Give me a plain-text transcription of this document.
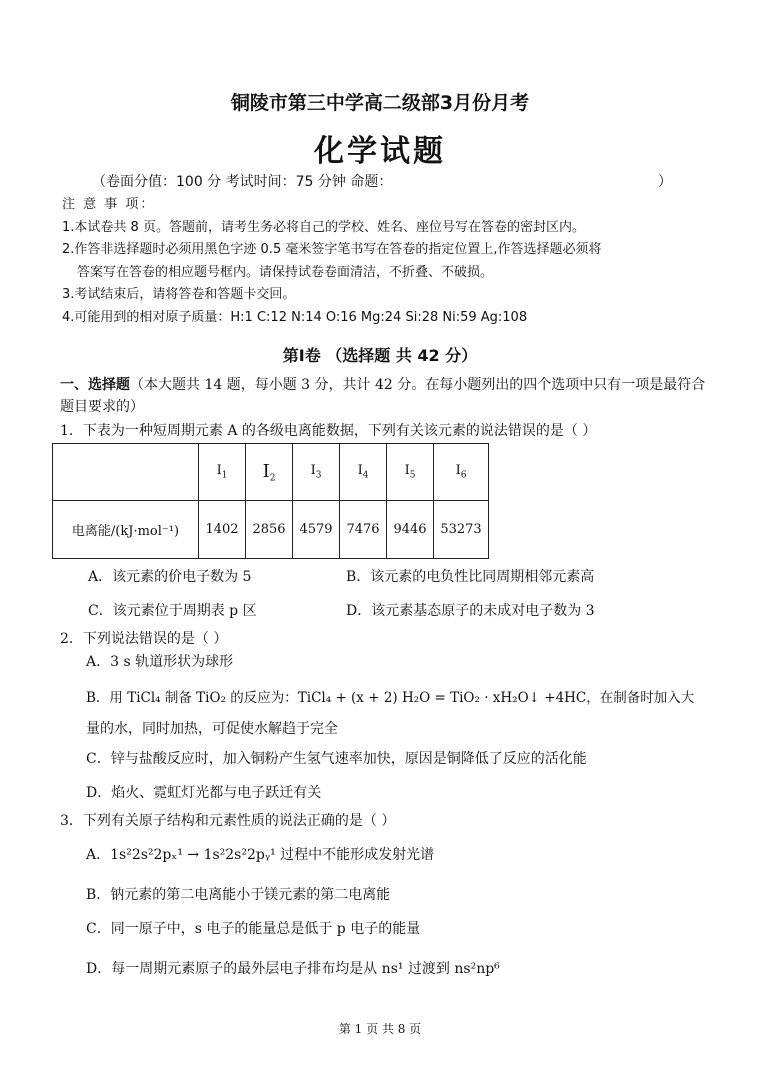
铜陵市第三中学高二级部3月份月考
化学试题
（卷面分值：100 分 考试时间：75 分钟 命题：	）
注 意 事 项：
1.本试卷共 8 页。答题前，请考生务必将自己的学校、姓名、座位号写在答卷的密封区内。
2.作答非选择题时必须用黑色字迹 0.5 毫米签字笔书写在答卷的指定位置上,作答选择题必须将
答案写在答卷的相应题号框内。请保持试卷卷面清洁，不折叠、不破损。
3.考试结束后，请将答卷和答题卡交回。
4.可能用到的相对原子质量：H:1 C:12 N:14 O:16 Mg:24 Si:28 Ni:59 Ag:108
第Ⅰ卷 （选择题 共 42 分）
一、选择题（本大题共 14 题，每小题 3 分，共计 42 分。在每小题列出的四个选项中只有一项是最符合题目要求的）
1．下表为一种短周期元素 A 的各级电离能数据，下列有关该元素的说法错误的是（ ）
	$I_1$	$I_2$	$I_3$	$I_4$	$I_5$	$I_6$
电离能/(kJ·mol⁻¹)	1402	2856	4579	7476	9446	53273
A．该元素的价电子数为 5	B．该元素的电负性比同周期相邻元素高
C．该元素位于周期表 p 区	D．该元素基态原子的未成对电子数为 3
2．下列说法错误的是（ ）
A．3 s 轨道形状为球形
B．用 TiCl₄ 制备 TiO₂ 的反应为：TiCl₄ + (x + 2) H₂O = TiO₂ · xH₂O↓ +4HC，在制备时加入大
量的水，同时加热，可促使水解趋于完全
C．锌与盐酸反应时，加入铜粉产生氢气速率加快，原因是铜降低了反应的活化能
D．焰火、霓虹灯光都与电子跃迁有关
3．下列有关原子结构和元素性质的说法正确的是（ ）
A．1s²2s²2pₓ¹ → 1s²2s²2pᵧ¹ 过程中不能形成发射光谱
B．钠元素的第二电离能小于镁元素的第二电离能
C．同一原子中，s 电子的能量总是低于 p 电子的能量
D．每一周期元素原子的最外层电子排布均是从 ns¹ 过渡到 ns²np⁶
第 1 页 共 8 页
